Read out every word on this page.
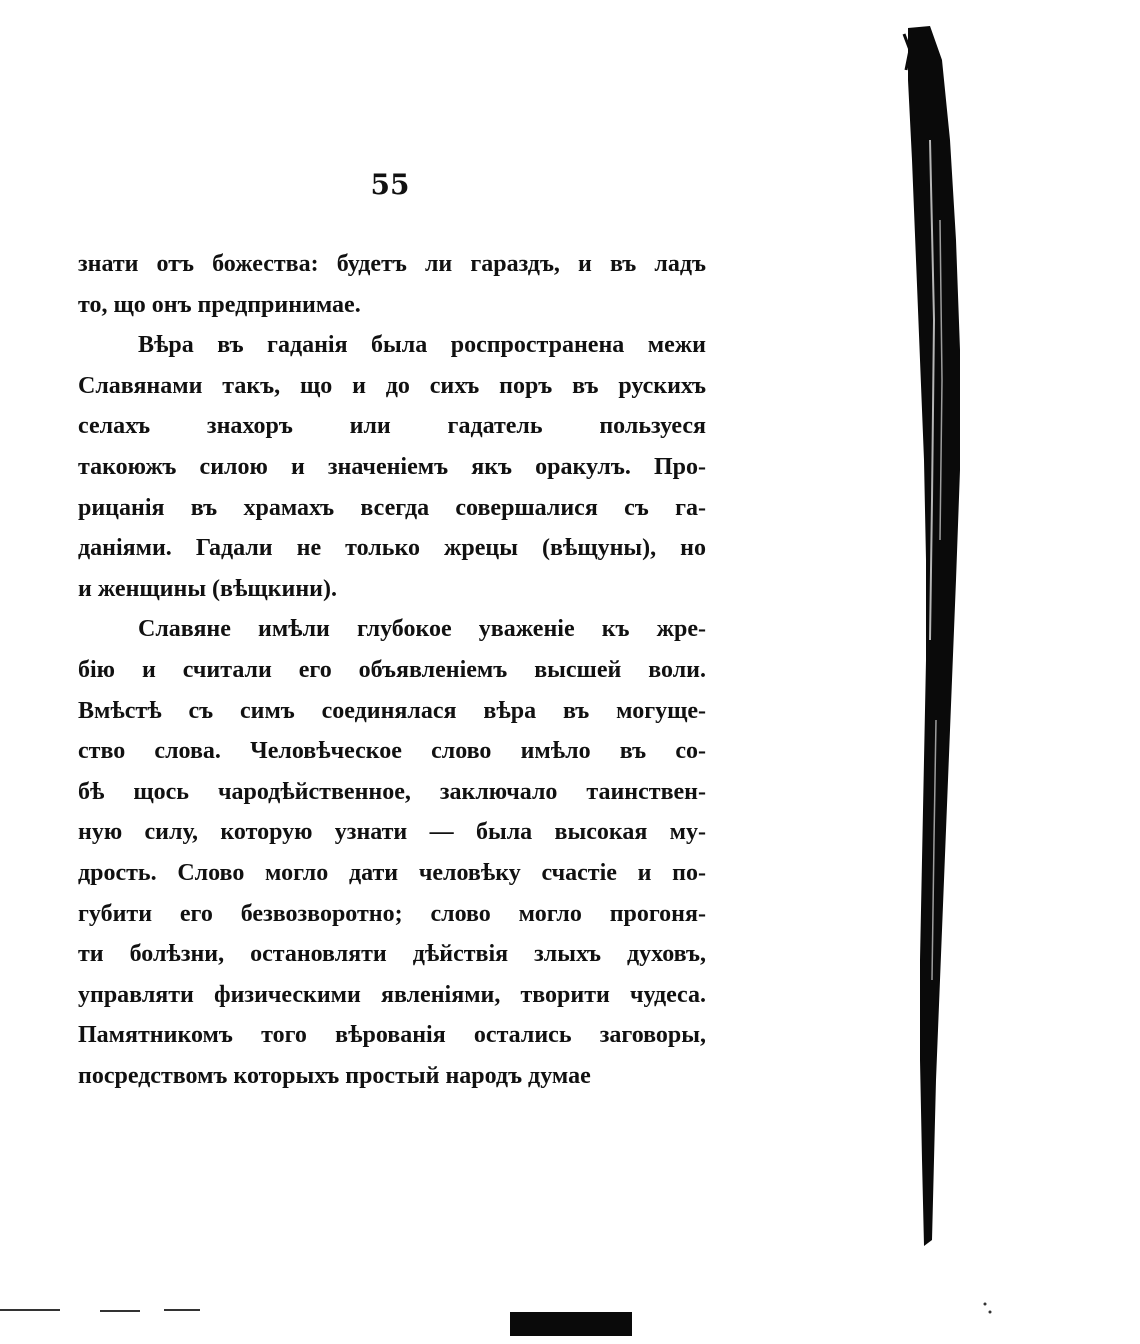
55
знати отъ божества: будетъ ли гараздъ, и въ ладъ
то, що онъ предпринимае.
Вѣра въ гаданія была роспространена межи
Славянами такъ, що и до сихъ поръ въ рускихъ
селахъ знахоръ или гадатель пользуеся
такоюжъ силою и значеніемъ якъ оракулъ. Про-
рицанія въ храмахъ всегда совершалися съ га-
даніями. Гадали не только жрецы (вѣщуны), но
и женщины (вѣщкини).
Славяне имѣли глубокое уваженіе къ жре-
бію и считали его объявленіемъ высшей воли.
Вмѣстѣ съ симъ соединялася вѣра въ могуще-
ство слова. Человѣческое слово имѣло въ со-
бѣ щось чародѣйственное, заключало таинствен-
ную силу, которую узнати — была высокая му-
дрость. Слово могло дати человѣку счастіе и по-
губити его безвозворотно; слово могло прогоня-
ти болѣзни, остановляти дѣйствія злыхъ духовъ,
управляти физическими явленіями, творити чудеса.
Памятникомъ того вѣрованія остались заговоры,
посредствомъ которыхъ простый народъ думае
